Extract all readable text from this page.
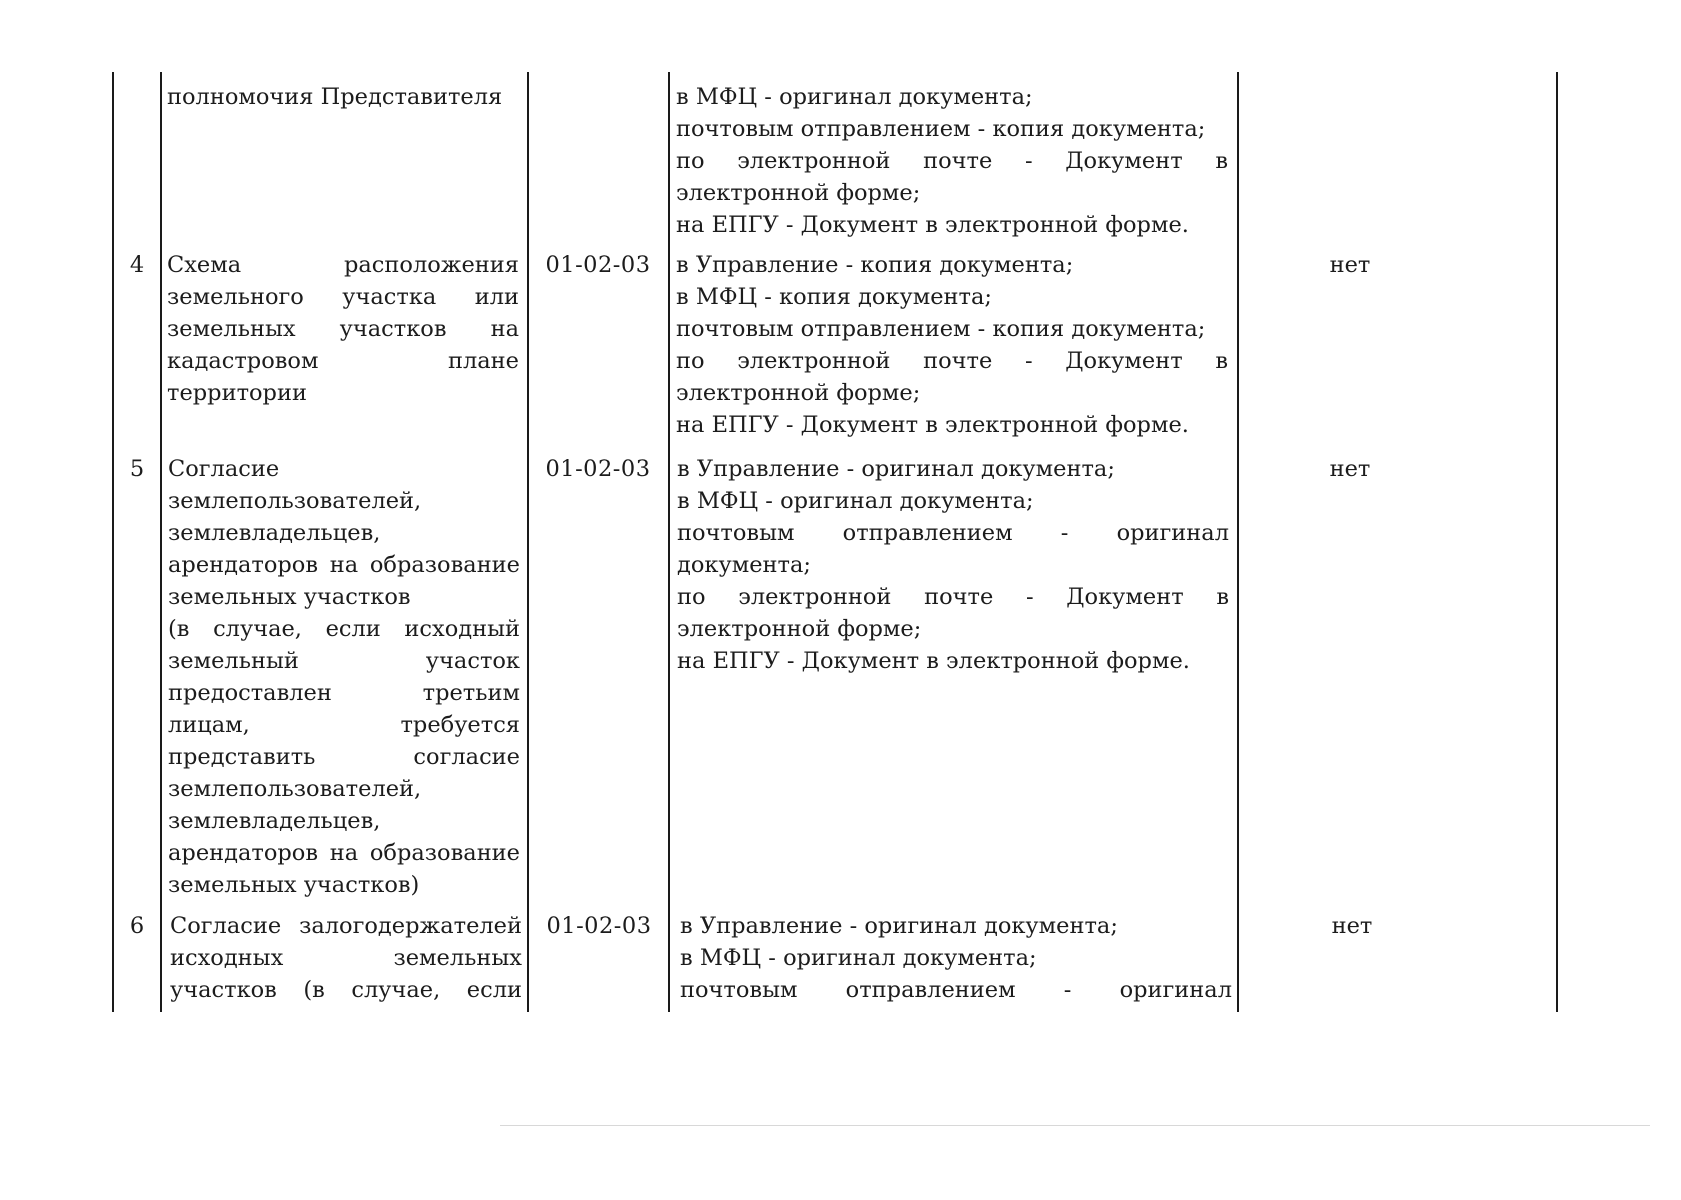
полномочия Представителя	в МФЦ - оригинал документа;
почтовым отправлением - копия документа;
по электронной почте - Документ в
электронной форме;
на ЕПГУ - Документ в электронной форме.
4	Схема расположения
земельного участка или
земельных участков на
кадастровом плане
территории
01-02-03	в Управление - копия документа;
в МФЦ - копия документа;
почтовым отправлением - копия документа;
по электронной почте - Документ в
электронной форме;
на ЕПГУ - Документ в электронной форме.
нет
5	Согласие
землепользователей,
землевладельцев,
арендаторов на образование
земельных участков
(в случае, если исходный
земельный участок
предоставлен третьим
лицам, требуется
представить согласие
землепользователей,
землевладельцев,
арендаторов на образование
земельных участков)
01-02-03	в Управление - оригинал документа;
в МФЦ - оригинал документа;
почтовым отправлением - оригинал
документа;
по электронной почте - Документ в
электронной форме;
на ЕПГУ - Документ в электронной форме.
нет
6	Согласие залогодержателей
исходных земельных
участков (в случае, если
01-02-03	в Управление - оригинал документа;
в МФЦ - оригинал документа;
почтовым отправлением - оригинал
нет
